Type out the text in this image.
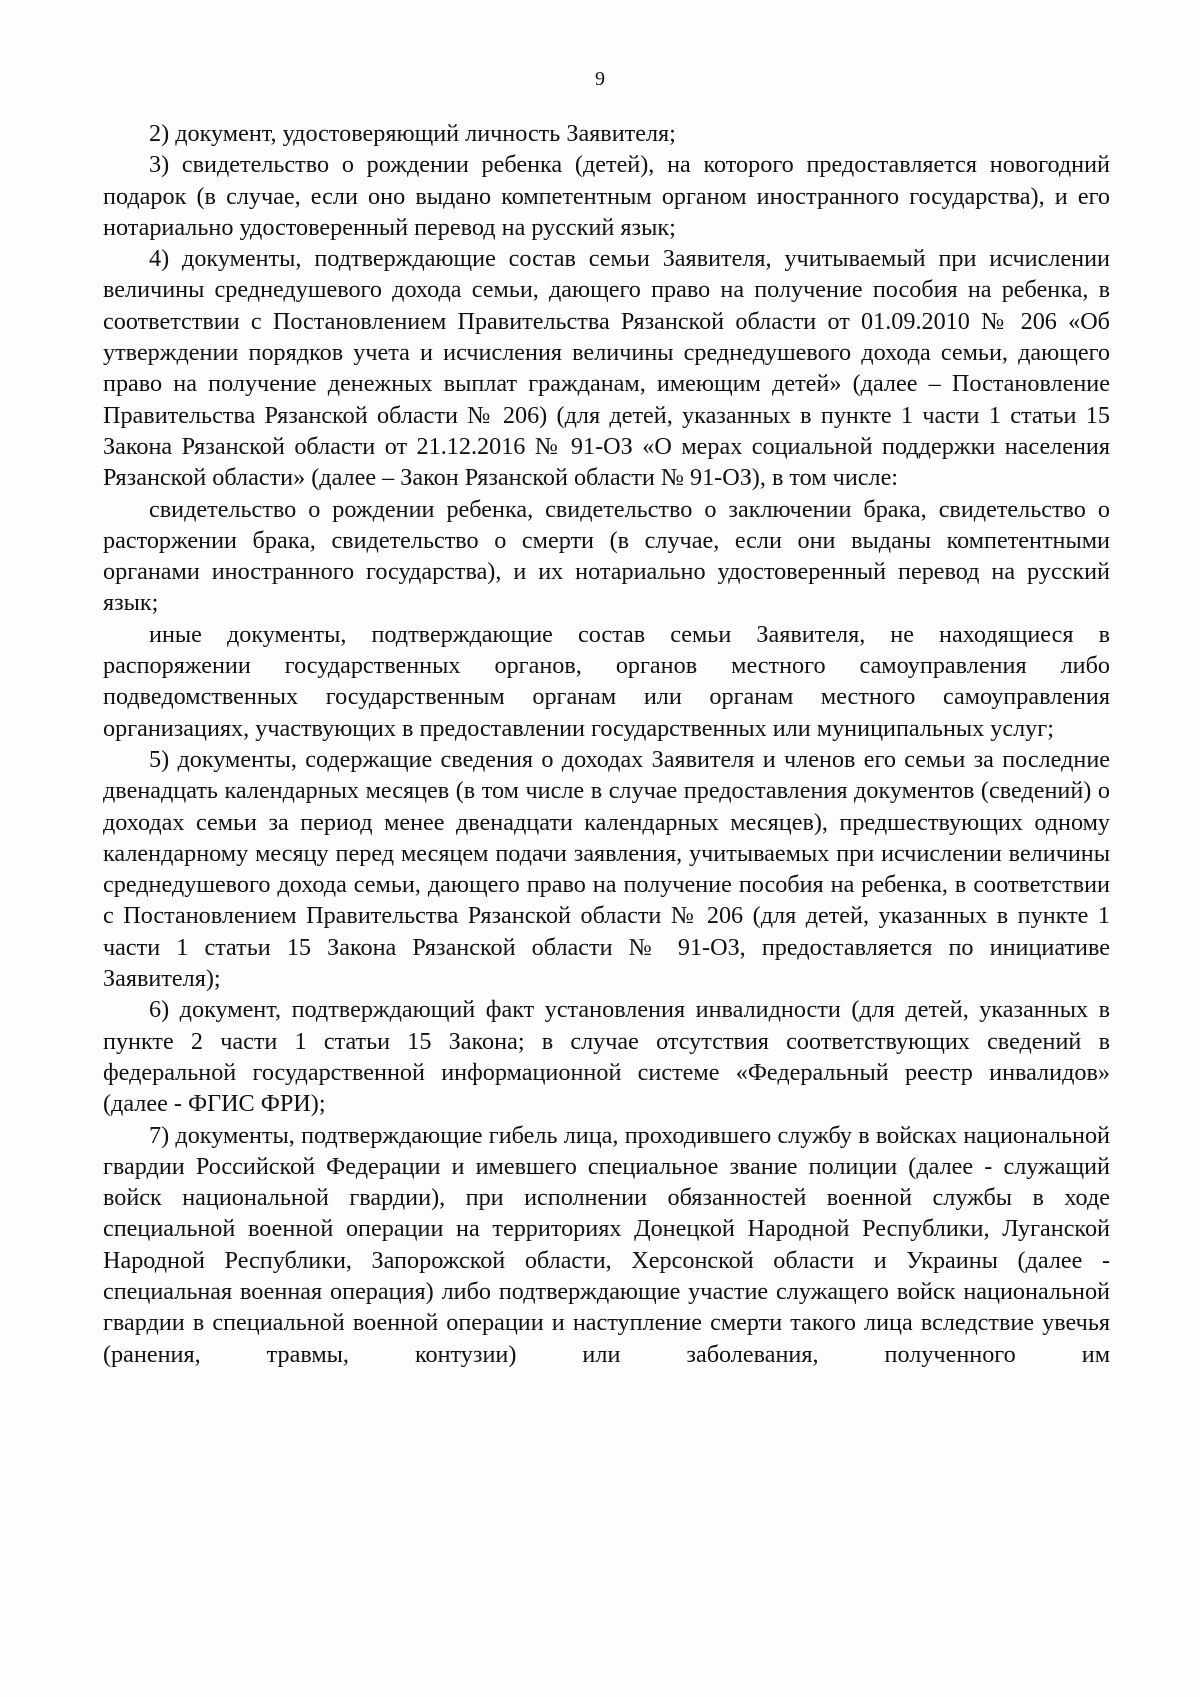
9

2) документ, удостоверяющий личность Заявителя;

3) свидетельство о рождении ребенка (детей), на которого предоставляется новогодний подарок (в случае, если оно выдано компетентным органом иностранного государства), и его нотариально удостоверенный перевод на русский язык;

4) документы, подтверждающие состав семьи Заявителя, учитываемый при исчислении величины среднедушевого дохода семьи, дающего право на получение пособия на ребенка, в соответствии с Постановлением Правительства Рязанской области от 01.09.2010 № 206 «Об утверждении порядков учета и исчисления величины среднедушевого дохода семьи, дающего право на получение денежных выплат гражданам, имеющим детей» (далее – Постановление Правительства Рязанской области № 206) (для детей, указанных в пункте 1 части 1 статьи 15 Закона Рязанской области от 21.12.2016 № 91-ОЗ «О мерах социальной поддержки населения Рязанской области» (далее – Закон Рязанской области № 91-ОЗ), в том числе:

свидетельство о рождении ребенка, свидетельство о заключении брака, свидетельство о расторжении брака, свидетельство о смерти (в случае, если они выданы компетентными органами иностранного государства), и их нотариально удостоверенный перевод на русский язык;

иные документы, подтверждающие состав семьи Заявителя, не находящиеся в распоряжении государственных органов, органов местного самоуправления либо подведомственных государственным органам или органам местного самоуправления организациях, участвующих в предоставлении государственных или муниципальных услуг;

5) документы, содержащие сведения о доходах Заявителя и членов его семьи за последние двенадцать календарных месяцев (в том числе в случае предоставления документов (сведений) о доходах семьи за период менее двенадцати календарных месяцев), предшествующих одному календарному месяцу перед месяцем подачи заявления, учитываемых при исчислении величины среднедушевого дохода семьи, дающего право на получение пособия на ребенка, в соответствии с Постановлением Правительства Рязанской области № 206 (для детей, указанных в пункте 1 части 1 статьи 15 Закона Рязанской области № 91-ОЗ, предоставляется по инициативе Заявителя);

6) документ, подтверждающий факт установления инвалидности (для детей, указанных в пункте 2 части 1 статьи 15 Закона; в случае отсутствия соответствующих сведений в федеральной государственной информационной системе «Федеральный реестр инвалидов» (далее - ФГИС ФРИ);

7) документы, подтверждающие гибель лица, проходившего службу в войсках национальной гвардии Российской Федерации и имевшего специальное звание полиции (далее - служащий войск национальной гвардии), при исполнении обязанностей военной службы в ходе специальной военной операции на территориях Донецкой Народной Республики, Луганской Народной Республики, Запорожской области, Херсонской области и Украины (далее - специальная военная операция) либо подтверждающие участие служащего войск национальной гвардии в специальной военной операции и наступление смерти такого лица вследствие увечья (ранения, травмы, контузии) или заболевания, полученного им
